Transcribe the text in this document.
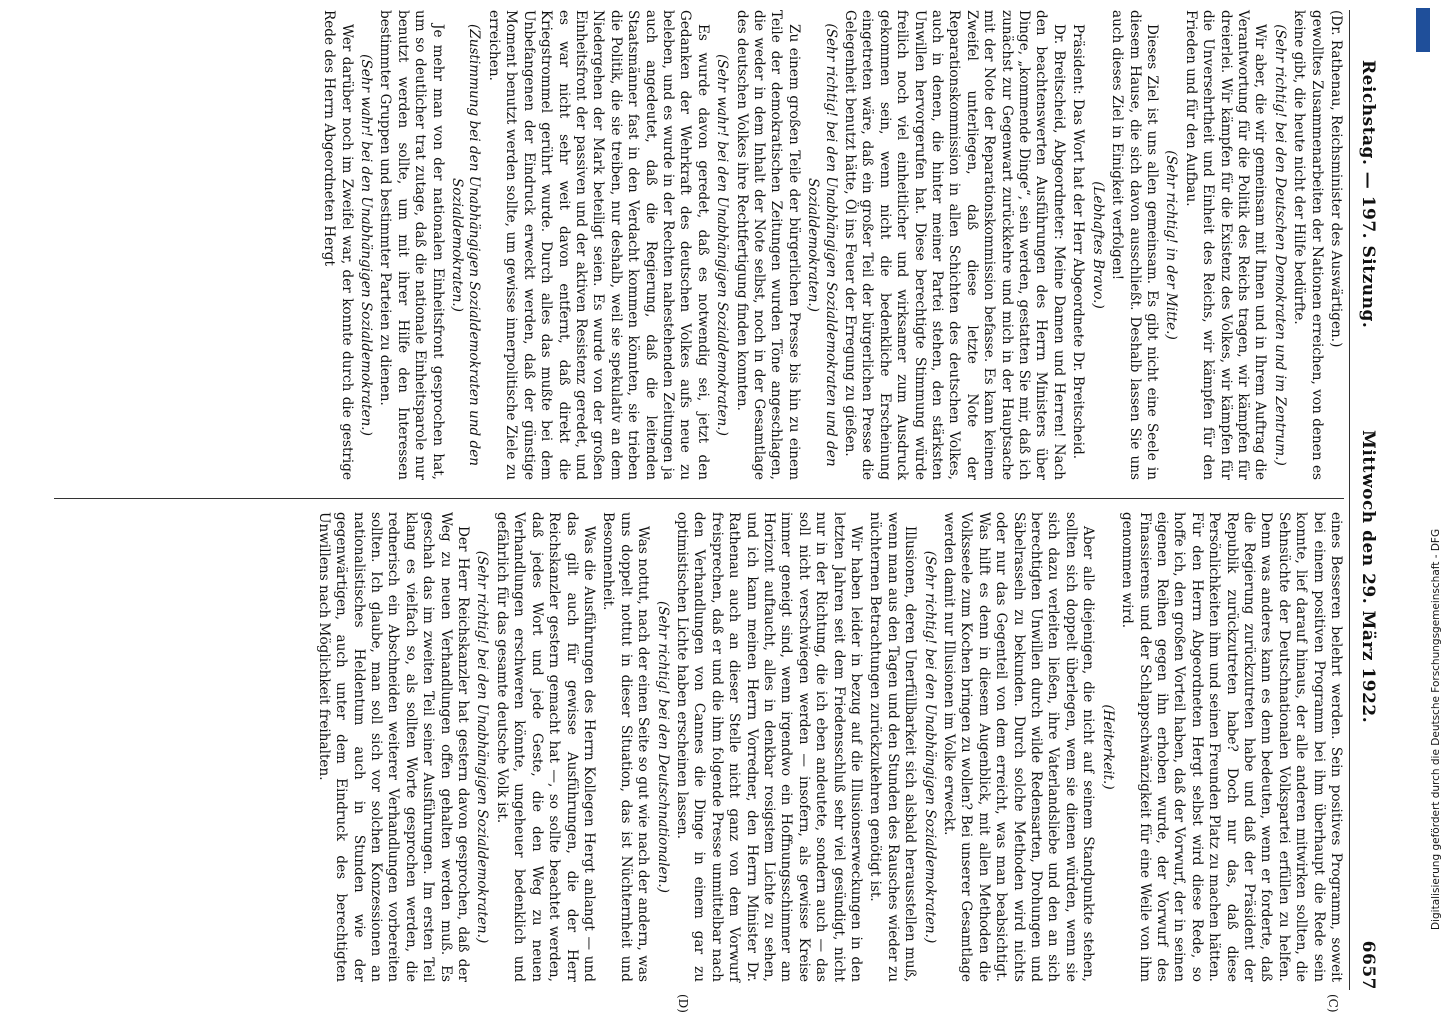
Reichstag. — 197. Sitzung.
Mittwoch den 29. März 1922.
6657

(Dr. Rathenau, Reichsminister des Auswärtigen.)

gewolltes Zusammenarbeiten der Nationen erreichen, von denen es keine gibt, die heute nicht der Hilfe bedürfte.

(Sehr richtig! bei den Deutschen Demokraten und im Zentrum.)

Wir aber, die wir gemeinsam mit Ihnen und in Ihrem Auftrag die Verantwortung für die Politik des Reichs tragen, wir kämpfen für dreierlei. Wir kämpfen für die Existenz des Volkes, wir kämpfen für die Unversehrtheit und Einheit des Reichs, wir kämpfen für den Frieden und für den Aufbau.

(Sehr richtig! in der Mitte.)

Dieses Ziel ist uns allen gemeinsam. Es gibt nicht eine Seele in diesem Hause, die sich davon ausschließt. Deshalb lassen Sie uns auch dieses Ziel in Einigkeit verfolgen!

(Lebhaftes Bravo.)

Präsident: Das Wort hat der Herr Abgeordnete Dr. Breitscheid.

Dr. Breitscheid, Abgeordneter: Meine Damen und Herren! Nach den beachtenswerten Ausführungen des Herrn Ministers über Dinge, „kommende Dinge“, sein werden, gestatten Sie mir, daß ich zunächst zur Gegenwart zurückkehre und mich in der Hauptsache mit der Note der Reparationskommission befasse. Es kann keinem Zweifel unterliegen, daß diese letzte Note der Reparationskommission in allen Schichten des deutschen Volkes, auch in denen, die hinter meiner Partei stehen, den stärksten Unwillen hervorgerufen hat. Diese berechtigte Stimmung würde freilich noch viel einheitlicher und wirksamer zum Ausdruck gekommen sein, wenn nicht die bedenkliche Erscheinung eingetreten wäre, daß ein großer Teil der bürgerlichen Presse die Gelegenheit benutzt hätte, Öl ins Feuer der Erregung zu gießen.

(Sehr richtig! bei den Unabhängigen Sozialdemokraten und den Sozialdemokraten.)

Zu einem großen Teile der bürgerlichen Presse bis hin zu einem Teile der demokratischen Zeitungen wurden Töne angeschlagen, die weder in dem Inhalt der Note selbst, noch in der Gesamtlage des deutschen Volkes ihre Rechtfertigung finden konnten.

(Sehr wahr! bei den Unabhängigen Sozialdemokraten.)

Es wurde davon geredet, daß es notwendig sei, jetzt den Gedanken der Wehrkraft des deutschen Volkes aufs neue zu beleben, und es wurde in der Rechten nahestehenden Zeitungen ja auch angedeutet, daß die Regierung, daß die leitenden Staatsmänner fast in den Verdacht kommen könnten, sie trieben die Politik, die sie treiben, nur deshalb, weil sie spekulativ an dem Niedergehen der Mark beteiligt seien. Es wurde von der großen Einheitsfront der passiven und der aktiven Resistenz geredet, und es war nicht sehr weit davon entfernt, daß direkt die Kriegstrommel gerührt wurde. Durch alles das mußte bei dem Unbefangenen der Eindruck erweckt werden, daß der günstige Moment benutzt werden sollte, um gewisse innerpolitische Ziele zu erreichen.

(Zustimmung bei den Unabhängigen Sozialdemokraten und den Sozialdemokraten.)

Je mehr man von der nationalen Einheitsfront gesprochen hat, um so deutlicher trat zutage, daß die nationale Einheitsparole nur benutzt werden sollte, um mit ihrer Hilfe den Interessen bestimmter Gruppen und bestimmter Parteien zu dienen.

(Sehr wahr! bei den Unabhängigen Sozialdemokraten.)

Wer darüber noch im Zweifel war, der konnte durch die gestrige Rede des Herrn Abgeordneten Hergt

eines Besseren belehrt werden. Sein positives Programm, soweit bei einem positiven Programm bei ihm überhaupt die Rede sein konnte, lief darauf hinaus, der alle anderen mitwirken sollten, die Sehnsüchte der Deutschnationalen Volkspartei erfüllen zu helfen. Denn was anderes kann es denn bedeuten, wenn er forderte, daß die Regierung zurückzutreten habe und daß der Präsident der Republik zurückzutreten habe? Doch nur das, daß diese Persönlichkeiten ihm und seinen Freunden Platz zu machen hätten. Für den Herrn Abgeordneten Hergt selbst wird diese Rede, so hoffe ich, den großen Vorteil haben, daß der Vorwurf, der in seinen eigenen Reihen gegen ihn erhoben wurde, der Vorwurf des Finassierens und der Schlappschwänzigkeit für eine Weile von ihm genommen wird.

(Heiterkeit.)

Aber alle diejenigen, die nicht auf seinem Standpunkte stehen, sollten sich doppelt überlegen, wem sie dienen würden, wenn sie sich dazu verleiten ließen, ihre Vaterlandsliebe und den an sich berechtigten Unwillen durch wilde Redensarten, Drohungen und Säbelrasseln zu bekunden. Durch solche Methoden wird nichts oder nur das Gegenteil von dem erreicht, was man beabsichtigt. Was hilft es denn in diesem Augenblick, mit allen Methoden die Volksseele zum Kochen bringen zu wollen? Bei unserer Gesamtlage werden damit nur Illusionen im Volke erweckt.

(Sehr richtig! bei den Unabhängigen Sozialdemokraten.)

Illusionen, deren Unerfüllbarkeit sich alsbald herausstellen muß, wenn man aus den Tagen und den Stunden des Rausches wieder zu nüchternen Betrachtungen zurückzukehren genötigt ist.

Wir haben leider in bezug auf die Illusionserweckungen in den letzten Jahren seit dem Friedensschluß sehr viel gesündigt, nicht nur in der Richtung, die ich eben andeutete, sondern auch — das soll nicht verschwiegen werden — insofern, als gewisse Kreise immer geneigt sind, wenn irgendwo ein Hoffnungsschimmer am Horizont auftaucht, alles in denkbar rosigstem Lichte zu sehen, und ich kann meinen Herrn Vorredner, den Herrn Minister Dr. Rathenau auch an dieser Stelle nicht ganz von dem Vorwurf freisprechen, daß er und die ihm folgende Presse unmittelbar nach den Verhandlungen von Cannes die Dinge in einem gar zu optimistischen Lichte haben erscheinen lassen.

(Sehr richtig! bei den Deutschnationalen.)

Was nottut, nach der einen Seite so gut wie nach der andern, was uns doppelt nottut in dieser Situation, das ist Nüchternheit und Besonnenheit.

Was die Ausführungen des Herrn Kollegen Hergt anlangt — und das gilt auch für gewisse Ausführungen, die der Herr Reichskanzler gestern gemacht hat —, so sollte beachtet werden, daß jedes Wort und jede Geste, die den Weg zu neuen Verhandlungen erschweren könnte, ungeheuer bedenklich und gefährlich für das gesamte deutsche Volk ist.

(Sehr richtig! bei den Unabhängigen Sozialdemokraten.)

Der Herr Reichskanzler hat gestern davon gesprochen, daß der Weg zu neuen Verhandlungen offen gehalten werden muß. Es geschah das im zweiten Teil seiner Ausführungen. Im ersten Teil klang es vielfach so, als sollten Worte gesprochen werden, die rednerisch ein Abschneiden weiterer Verhandlungen vorbereiten sollten. Ich glaube, man soll sich vor solchen Konzessionen an nationalistisches Heldentum auch in Stunden wie der gegenwärtigen, auch unter dem Eindruck des berechtigten Unwillens nach Möglichkeit freihalten.

(C)
(D)
DFG
Digitalisierung gefördert durch die Deutsche Forschungsgemeinschaft - DFG
